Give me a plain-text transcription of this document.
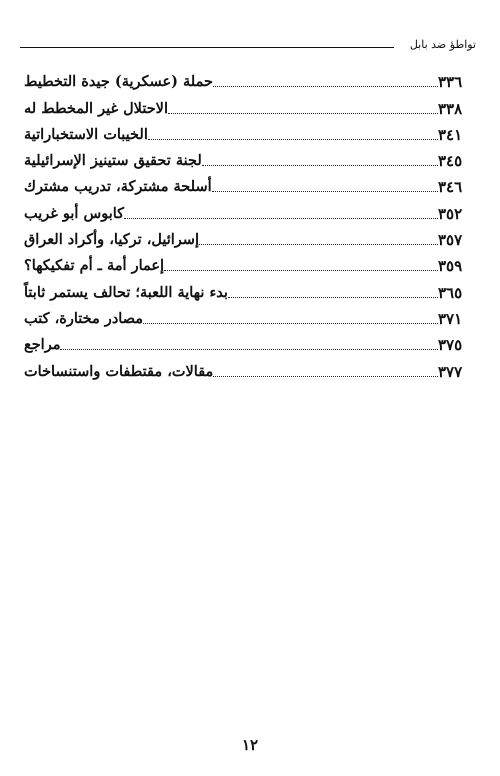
تواطؤ ضد بابل
حملة (عسكرية) جيدة التخطيط	٣٣٦
الاحتلال غير المخطط له	٣٣٨
الخيبات الاستخباراتية	٣٤١
لجنة تحقيق ستينيز الإسرائيلية	٣٤٥
أسلحة مشتركة، تدريب مشترك	٣٤٦
كابوس أبو غريب	٣٥٢
إسرائيل، تركيا، وأكراد العراق	٣٥٧
إعمار أمة ـ أم تفكيكها؟	٣٥٩
بدء نهاية اللعبة؛ تحالف يستمر ثابتاً	٣٦٥
مصادر مختارة، كتب	٣٧١
مراجع	٣٧٥
مقالات، مقتطفات واستنساخات	٣٧٧
١٢
